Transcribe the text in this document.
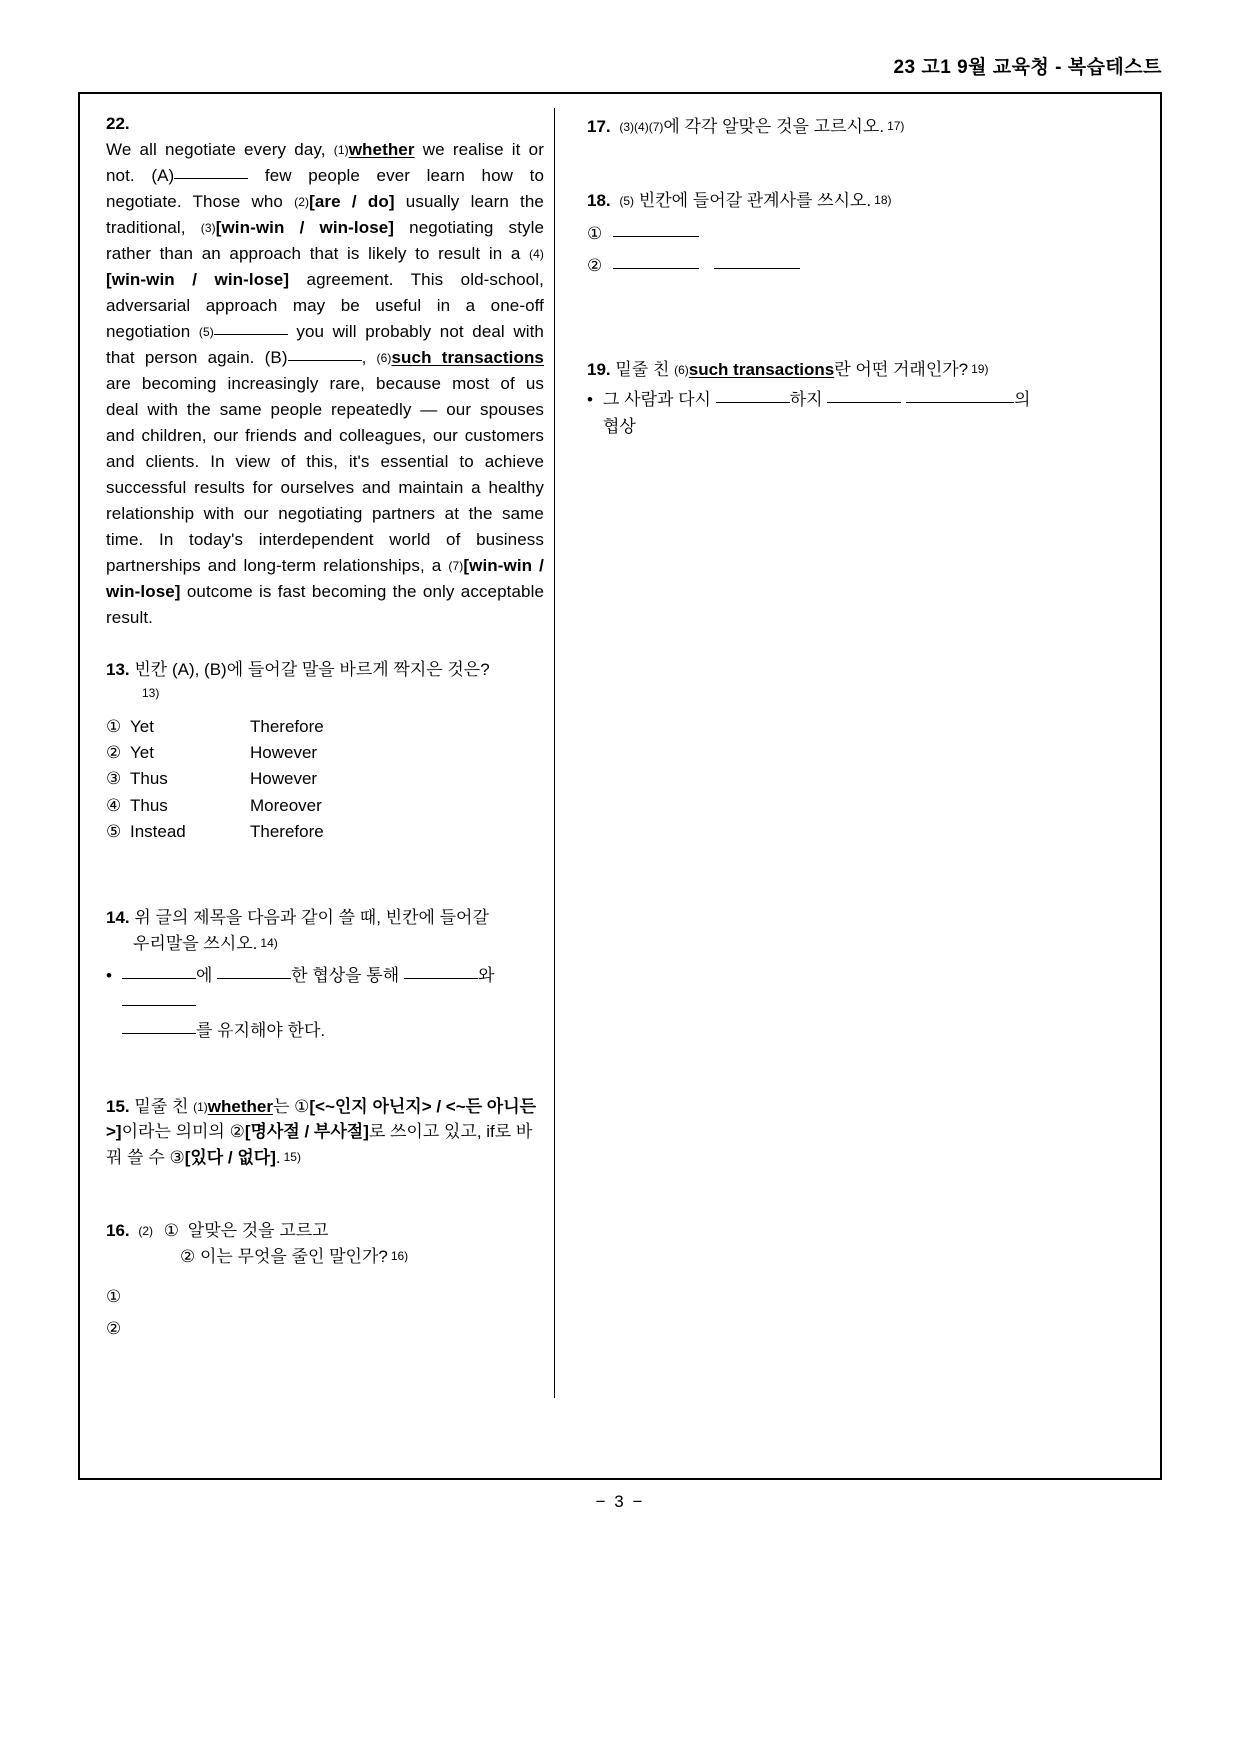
23 고1 9월 교육청 - 복습테스트
22.
We all negotiate every day, (1)whether we realise it or not. (A)	few people ever learn how to negotiate. Those who (2)[are / do] usually learn the traditional, (3)[win-win / win-lose] negotiating style rather than an approach that is likely to result in a (4)[win-win / win-lose] agreement. This old-school, adversarial approach may be useful in a one-off negotiation (5)	you will probably not deal with that person again. (B)	, (6)such transactions are becoming increasingly rare, because most of us deal with the same people repeatedly — our spouses and children, our friends and colleagues, our customers and clients. In view of this, it's essential to achieve successful results for ourselves and maintain a healthy relationship with our negotiating partners at the same time. In today's interdependent world of business partnerships and long-term relationships, a (7)[win-win / win-lose] outcome is fast becoming the only acceptable result.
13. 빈칸 (A), (B)에 들어갈 말을 바르게 짝지은 것은?
13)
① Yet	Therefore
② Yet	However
③ Thus	However
④ Thus	Moreover
⑤ Instead	Therefore
14. 위 글의 제목을 다음과 같이 쓸 때, 빈칸에 들어갈
우리말을 쓰시오. 14)
•	에	한 협상을 통해	와
를 유지해야 한다.
15. 밑줄 친 (1)whether는 ①[<~인지 아닌지> / <~든 아니든>]이라는 의미의 ②[명사절 / 부사절]로 쓰이고 있고, if로 바꿔 쓸 수 ③[있다 / 없다]. 15)
16. (2) ① 알맞은 것을 고르고
② 이는 무엇을 줄인 말인가? 16)
①
②
17. (3)(4)(7)에 각각 알맞은 것을 고르시오. 17)
18. (5) 빈칸에 들어갈 관계사를 쓰시오. 18)
①
②
19. 밑줄 친 (6)such transactions란 어떤 거래인가? 19)
• 그 사람과 다시	하지	의
협상
− 3 −
